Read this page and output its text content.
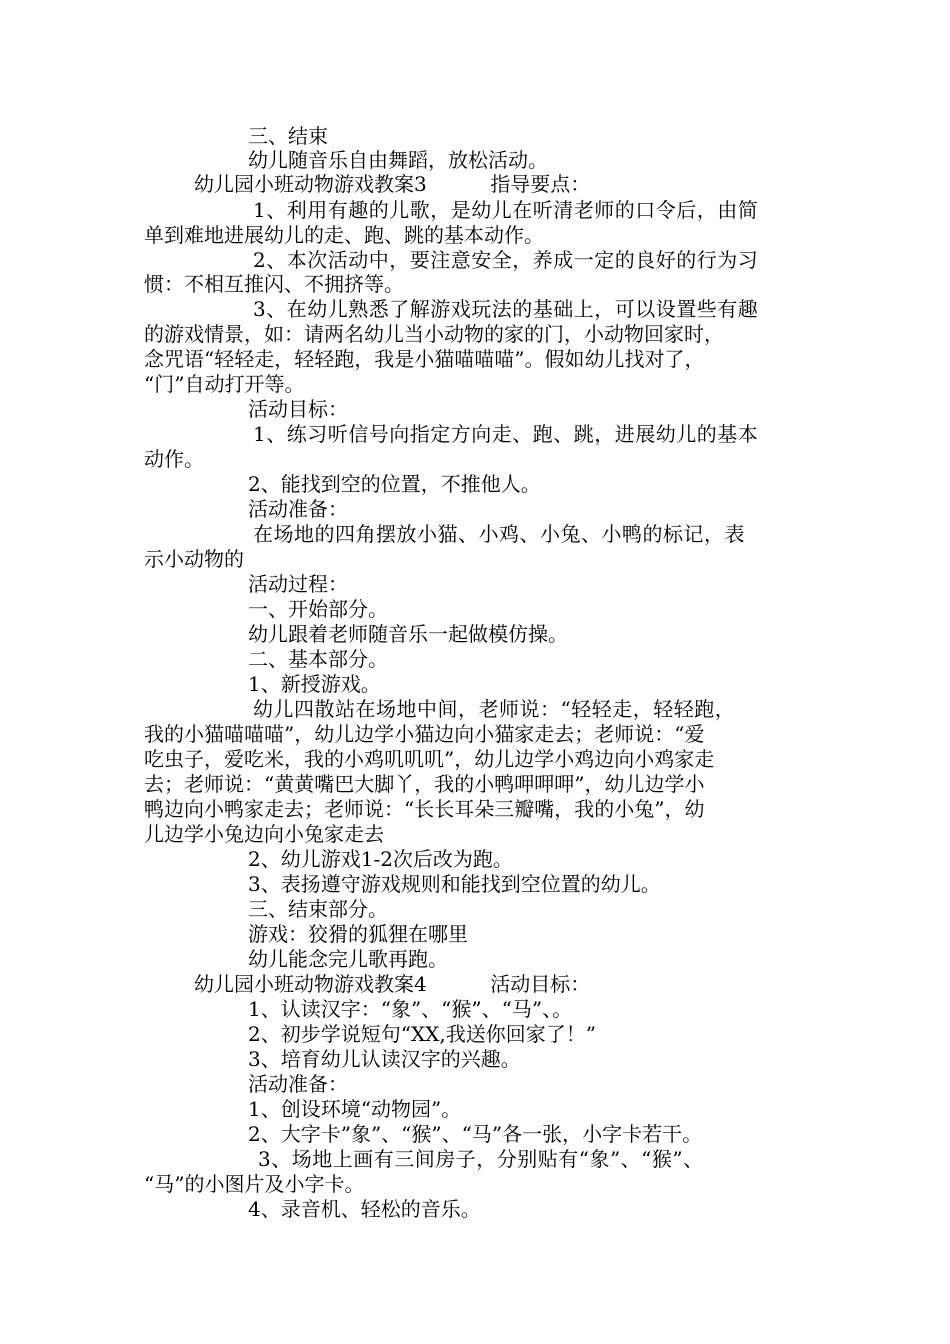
三、结束
幼儿随音乐自由舞蹈，放松活动。
幼儿园小班动物游戏教案3          指导要点：
1、利用有趣的儿歌，是幼儿在听清老师的口令后，由简
单到难地进展幼儿的走、跑、跳的基本动作。
2、本次活动中，要注意安全，养成一定的良好的行为习
惯：不相互推闪、不拥挤等。
3、在幼儿熟悉了解游戏玩法的基础上，可以设置些有趣
的游戏情景，如：请两名幼儿当小动物的家的门，小动物回家时，
念咒语“轻轻走，轻轻跑，我是小猫喵喵喵”。假如幼儿找对了，
“门”自动打开等。
活动目标：
1、练习听信号向指定方向走、跑、跳，进展幼儿的基本
动作。
2、能找到空的位置，不推他人。
活动准备：
在场地的四角摆放小猫、小鸡、小兔、小鸭的标记，表
示小动物的
活动过程：
一、开始部分。
幼儿跟着老师随音乐一起做模仿操。
二、基本部分。
1、新授游戏。
幼儿四散站在场地中间，老师说：“轻轻走，轻轻跑，
我的小猫喵喵喵”，幼儿边学小猫边向小猫家走去；老师说：“爱
吃虫子，爱吃米，我的小鸡叽叽叽”，幼儿边学小鸡边向小鸡家走
去；老师说：“黄黄嘴巴大脚丫，我的小鸭呷呷呷”，幼儿边学小
鸭边向小鸭家走去；老师说：“长长耳朵三瓣嘴，我的小兔”，幼
儿边学小兔边向小兔家走去
2、幼儿游戏1-2次后改为跑。
3、表扬遵守游戏规则和能找到空位置的幼儿。
三、结束部分。
游戏：狡猾的狐狸在哪里
幼儿能念完儿歌再跑。
幼儿园小班动物游戏教案4          活动目标：
1、认读汉字：“象”、“猴”、“马”、。
2、初步学说短句“XX,我送你回家了！”
3、培育幼儿认读汉字的兴趣。
活动准备：
1、创设环境“动物园”。
2、大字卡”象”、“猴”、“马”各一张，小字卡若干。
3、场地上画有三间房子，分别贴有“象”、“猴”、
“马”的小图片及小字卡。
4、录音机、轻松的音乐。
